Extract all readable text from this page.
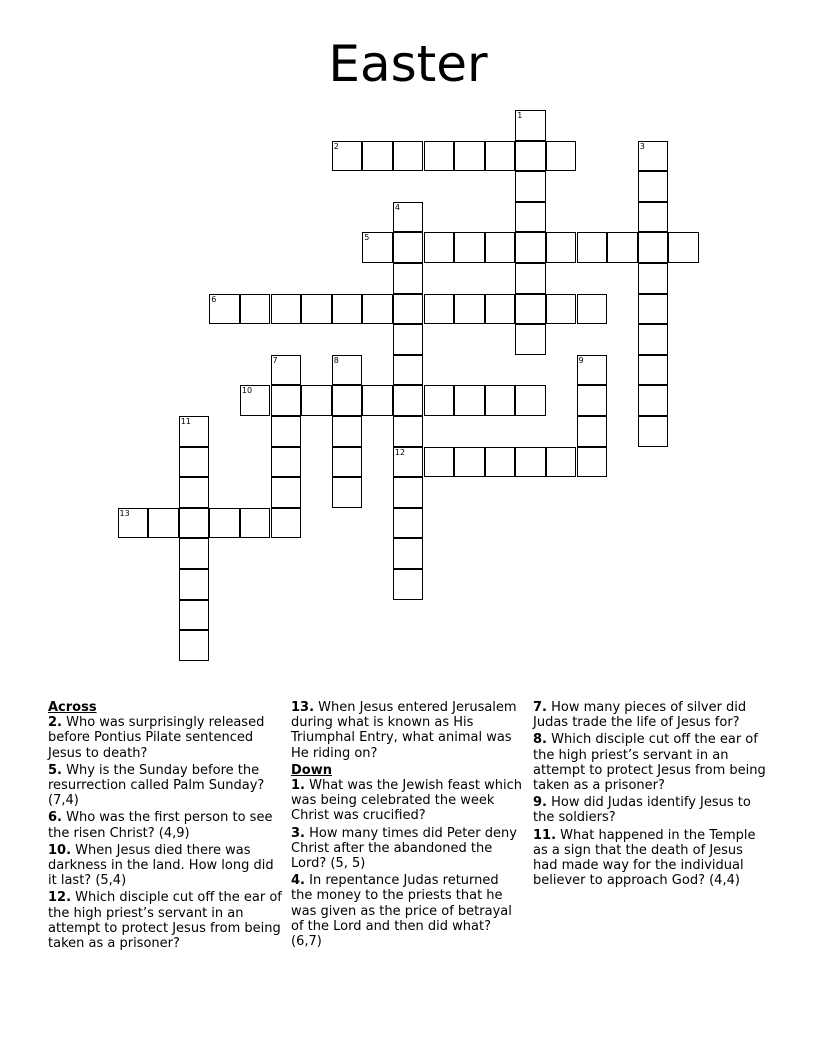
Easter
1
2	3
4
12
5
6
7	8	9
10
11
13
Across
2. Who was surprisingly released before Pontius Pilate sentenced Jesus to death?
5. Why is the Sunday before the resurrection called Palm Sunday? (7,4)
6. Who was the first person to see the risen Christ? (4,9)
10. When Jesus died there was darkness in the land. How long did it last? (5,4)
12. Which disciple cut off the ear of the high priest’s servant in an attempt to protect Jesus from being taken as a prisoner?
13. When Jesus entered Jerusalem during what is known as His Triumphal Entry, what animal was He riding on?
Down
1. What was the Jewish feast which was being celebrated the week Christ was crucified?
3. How many times did Peter deny Christ after the abandoned the Lord? (5, 5)
4. In repentance Judas returned the money to the priests that he was given as the price of betrayal of the Lord and then did what? (6,7)
7. How many pieces of silver did Judas trade the life of Jesus for?
8. Which disciple cut off the ear of the high priest’s servant in an attempt to protect Jesus from being taken as a prisoner?
9. How did Judas identify Jesus to the soldiers?
11. What happened in the Temple as a sign that the death of Jesus had made way for the individual believer to approach God? (4,4)
